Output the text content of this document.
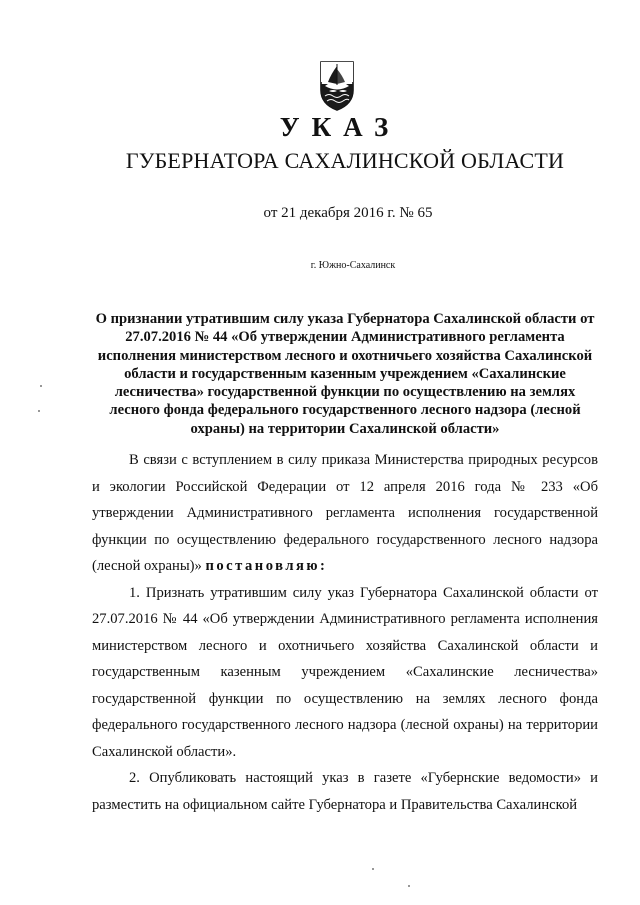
УКАЗ
ГУБЕРНАТОРА САХАЛИНСКОЙ ОБЛАСТИ
от 21 декабря 2016 г. № 65
г. Южно-Сахалинск
О признании утратившим силу указа Губернатора Сахалинской области от 27.07.2016 № 44 «Об утверждении Административного регламента исполнения министерством лесного и охотничьего хозяйства Сахалинской области и государственным казенным учреждением «Сахалинские лесничества» государственной функции по осуществлению на землях лесного фонда федерального государственного лесного надзора (лесной охраны) на территории Сахалинской области»

В связи с вступлением в силу приказа Министерства природных ресурсов и экологии Российской Федерации от 12 апреля 2016 года № 233 «Об утверждении Административного регламента исполнения государственной функции по осуществлению федерального государственного лесного надзора (лесной охраны)» постановляю:

1. Признать утратившим силу указ Губернатора Сахалинской области от 27.07.2016 № 44 «Об утверждении Административного регламента исполнения министерством лесного и охотничьего хозяйства Сахалинской области и государственным казенным учреждением «Сахалинские лесничества» государственной функции по осуществлению на землях лесного фонда федерального государственного лесного надзора (лесной охраны) на территории Сахалинской области».

2. Опубликовать настоящий указ в газете «Губернские ведомости» и разместить на официальном сайте Губернатора и Правительства Сахалинской
